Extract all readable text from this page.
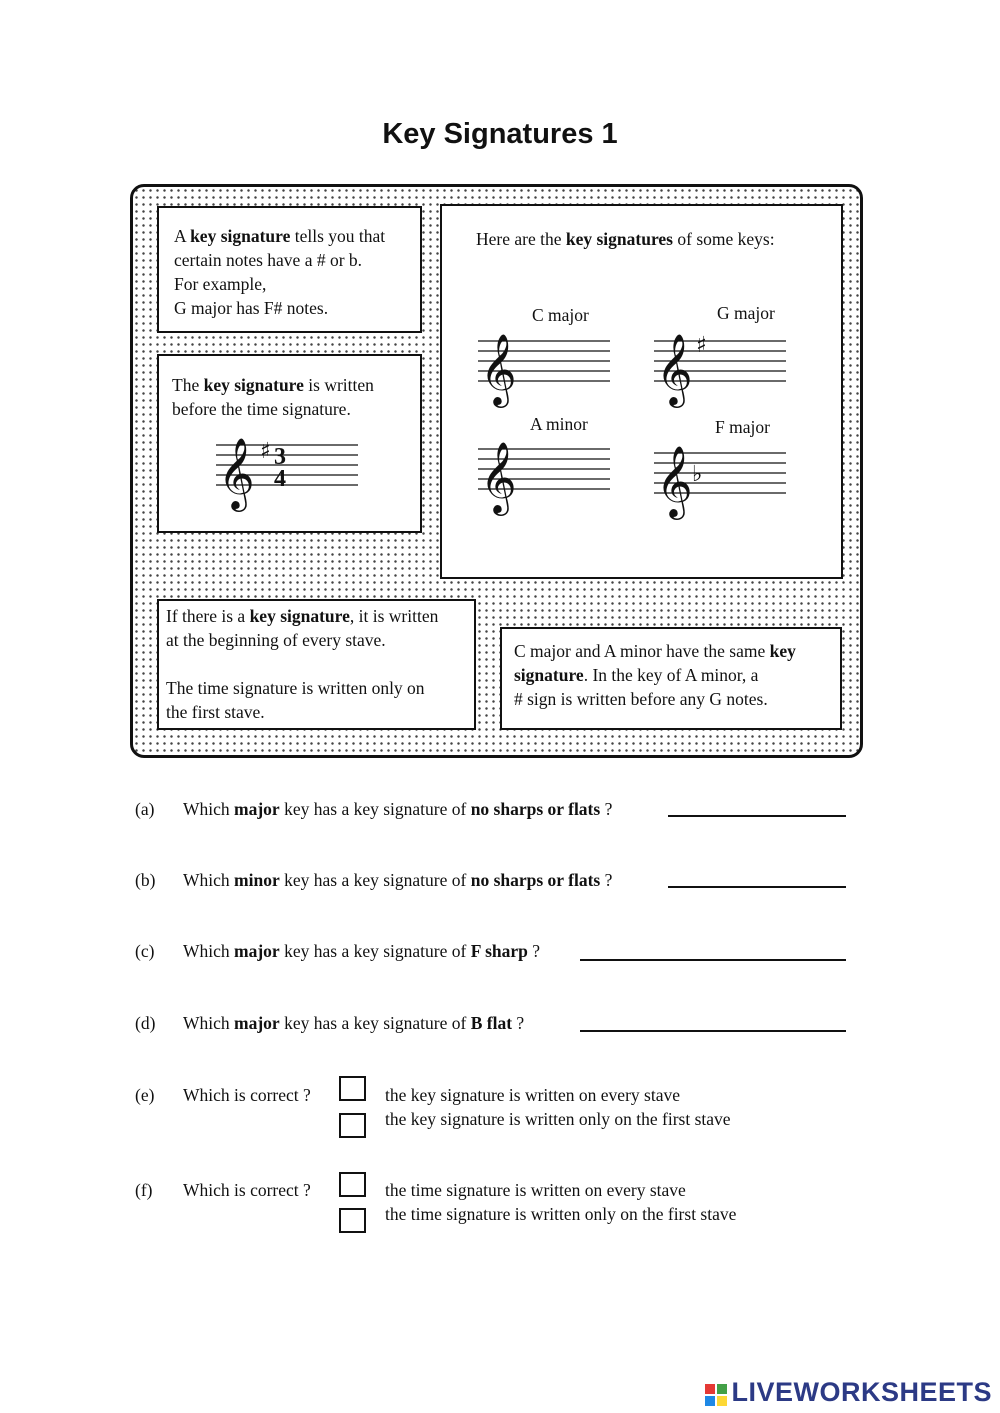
Key Signatures 1
A key signature tells you that
certain notes have a # or b.
For example,
G major has F# notes.
The key signature is written
before the time signature.
𝄞 ♯ 3
4
Here are the key signatures of some keys:
C major
𝄞
G major
𝄞 ♯
A minor
𝄞
F major
𝄞 ♭
If there is a key signature, it is written
at the beginning of every stave.
The time signature is written only on
the first stave.
C major and A minor have the same key
signature. In the key of A minor, a
# sign is written before any G notes.
(a) Which major key has a key signature of no sharps or flats ?
(b) Which minor key has a key signature of no sharps or flats ?
(c) Which major key has a key signature of F sharp ?
(d) Which major key has a key signature of B flat ?
(e) Which is correct ?	the key signature is written on every stave
the key signature is written only on the first stave
(f) Which is correct ?	the time signature is written on every stave
the time signature is written only on the first stave
LIVEWORKSHEETS
